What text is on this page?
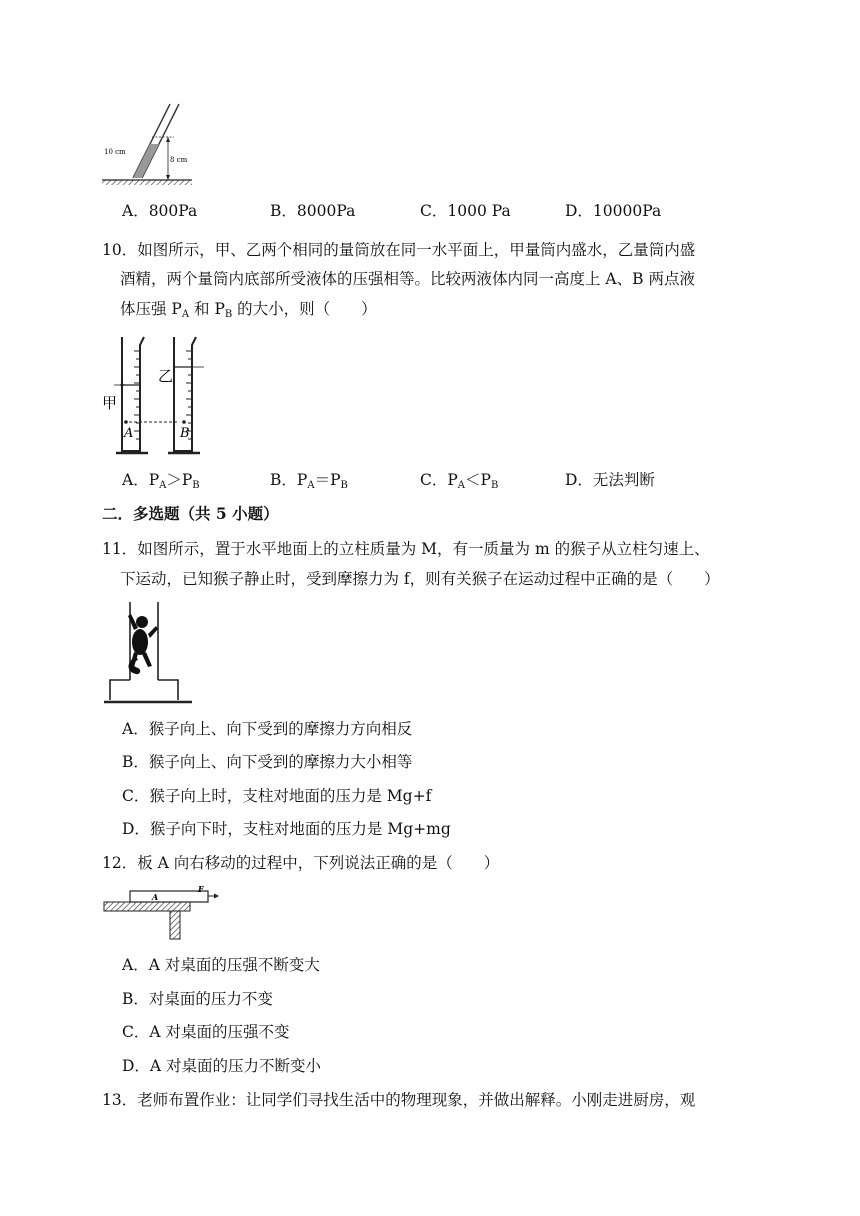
10 cm
8 cm
A．800Pa	B．8000Pa	C．1000 Pa	D．10000Pa
10．如图所示，甲、乙两个相同的量筒放在同一水平面上，甲量筒内盛水，乙量筒内盛
酒精，两个量筒内底部所受液体的压强相等。比较两液体内同一高度上 A、B 两点液
体压强 $P_A$ 和 $P_B$ 的大小，则（　　）
甲
乙
A	B
A．$P_A>P_B$	B．$P_A=P_B$	C．$P_A<P_B$	D．无法判断
二．多选题（共 5 小题）
11．如图所示，置于水平地面上的立柱质量为 M，有一质量为 m 的猴子从立柱匀速上、
下运动，已知猴子静止时，受到摩擦力为 f，则有关猴子在运动过程中正确的是（　　）
A．猴子向上、向下受到的摩擦力方向相反
B．猴子向上、向下受到的摩擦力大小相等
C．猴子向上时，支柱对地面的压力是 Mg+f
D．猴子向下时，支柱对地面的压力是 Mg+mg
12．板 A 向右移动的过程中，下列说法正确的是（　　）
A
F
A．A 对桌面的压强不断变大
B．对桌面的压力不变
C．A 对桌面的压强不变
D．A 对桌面的压力不断变小
13．老师布置作业：让同学们寻找生活中的物理现象，并做出解释。小刚走进厨房，观
